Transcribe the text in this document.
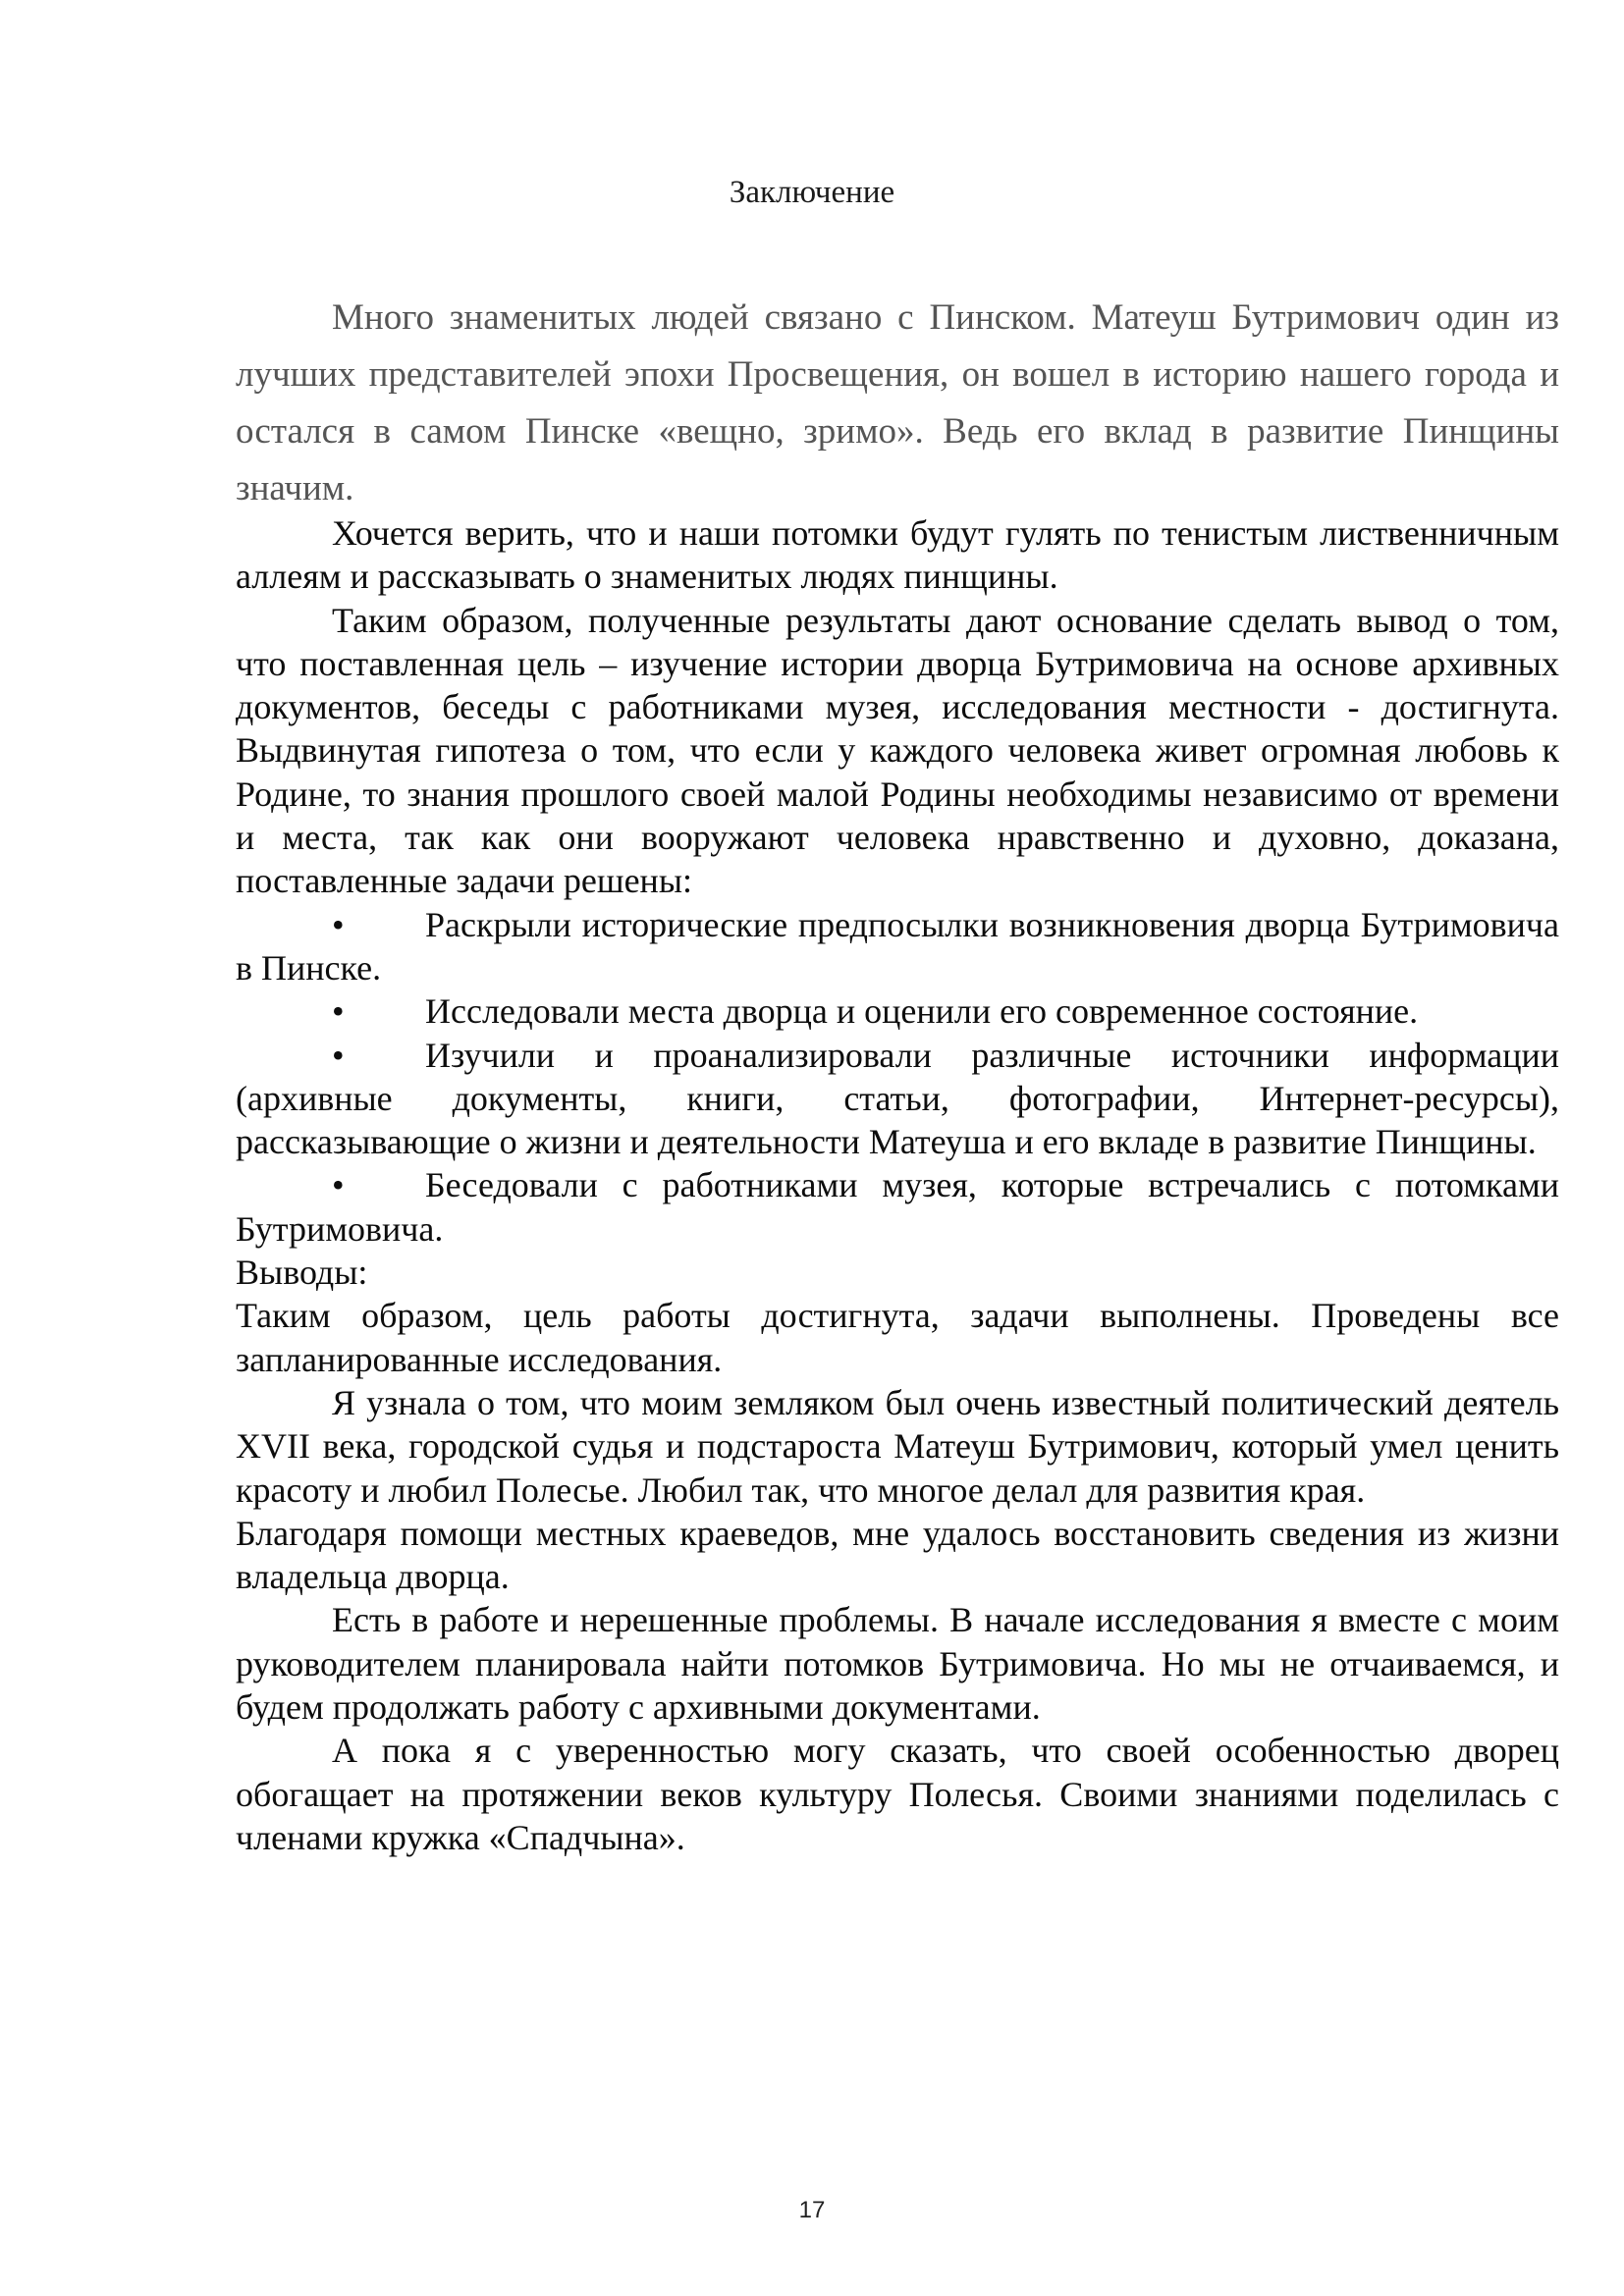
Заключение

Много знаменитых людей связано с Пинском. Матеуш Бутримович один из лучших представителей эпохи Просвещения, он вошел в историю нашего города и остался в самом Пинске «вещно, зримо». Ведь его вклад в развитие Пинщины значим.

Хочется верить, что и наши потомки будут гулять по тенистым лиственничным аллеям и рассказывать о знаменитых людях пинщины.

Таким образом, полученные результаты дают основание сделать вывод о том, что поставленная цель – изучение истории дворца Бутримовича на основе архивных документов, беседы с работниками музея, исследования местности - достигнута. Выдвинутая гипотеза о том, что если у каждого человека живет огромная любовь к Родине, то знания прошлого своей малой Родины необходимы независимо от времени и места, так как они вооружают человека нравственно и духовно, доказана, поставленные задачи решены:

• Раскрыли исторические предпосылки возникновения дворца Бутримовича в Пинске.

• Исследовали места дворца и оценили его современное состояние.

• Изучили и проанализировали различные источники информации (архивные документы, книги, статьи, фотографии, Интернет-ресурсы), рассказывающие о жизни и деятельности Матеуша и его вкладе в развитие Пинщины.

• Беседовали с работниками музея, которые встречались с потомками Бутримовича.

Выводы:

Таким образом, цель работы достигнута, задачи выполнены. Проведены все запланированные исследования.

Я узнала о том, что моим земляком был очень известный политический деятель XVII века, городской судья и подстароста Матеуш Бутримович, который умел ценить красоту и любил Полесье. Любил так, что многое делал для развития края.

Благодаря помощи местных краеведов, мне удалось восстановить сведения из жизни владельца дворца.

Есть в работе и нерешенные проблемы. В начале исследования я вместе с моим руководителем планировала найти потомков Бутримовича. Но мы не отчаиваемся, и будем продолжать работу с архивными документами.

А пока я с уверенностью могу сказать, что своей особенностью дворец обогащает на протяжении веков культуру Полесья. Своими знаниями поделилась с членами кружка «Спадчына».

17
